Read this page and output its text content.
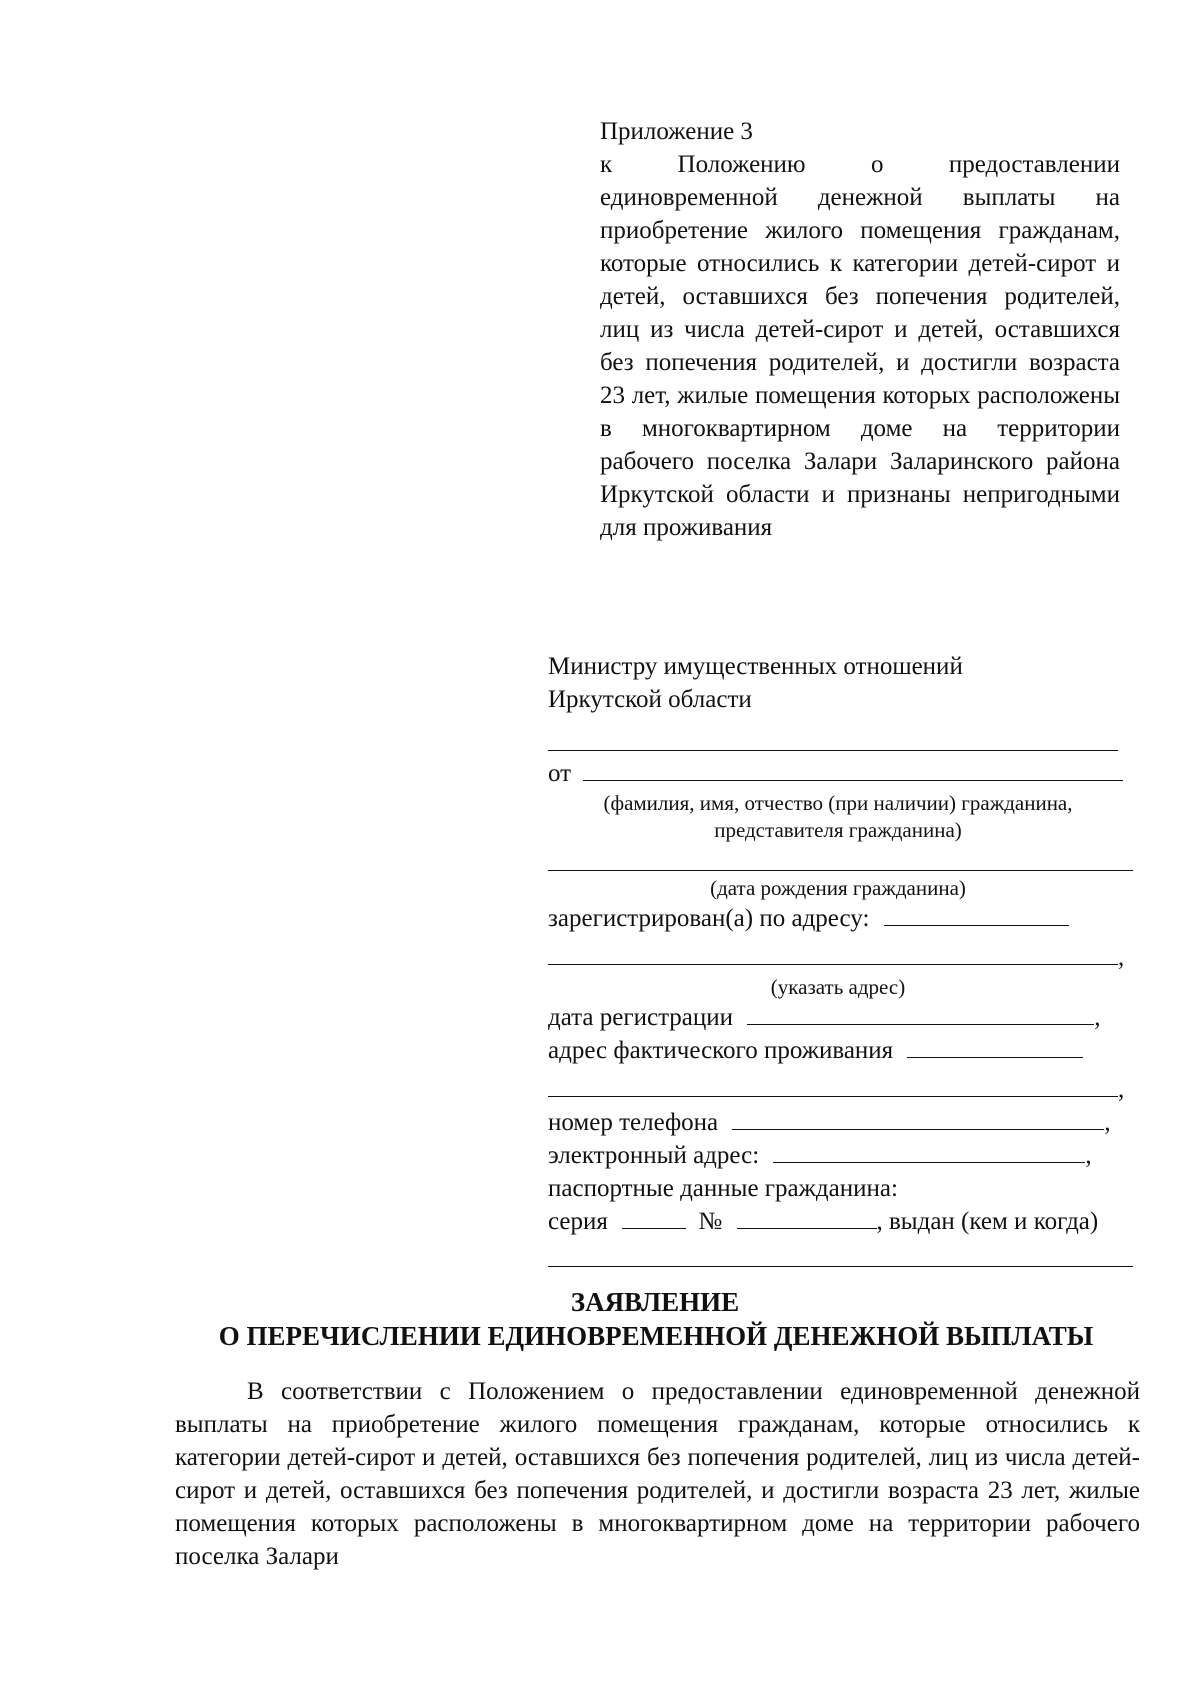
Приложение 3
к Положению о предоставлении единовременной денежной выплаты на приобретение жилого помещения гражданам, которые относились к категории детей-сирот и детей, оставшихся без попечения родителей, лиц из числа детей-сирот и детей, оставшихся без попечения родителей, и достигли возраста 23 лет, жилые помещения которых расположены в многоквартирном доме на территории рабочего поселка Залари Заларинского района Иркутской области и признаны непригодными для проживания
Министру имущественных отношений
Иркутской области
от
(фамилия, имя, отчество (при наличии) гражданина,
представителя гражданина)
(дата рождения гражданина)
зарегистрирован(а) по адресу:
,
(указать адрес)
дата регистрации	,
адрес фактического проживания
,
номер телефона	,
электронный адрес:	,
паспортные данные гражданина:
серия	№	, выдан (кем и когда)
ЗАЯВЛЕНИЕ
О ПЕРЕЧИСЛЕНИИ ЕДИНОВРЕМЕННОЙ ДЕНЕЖНОЙ ВЫПЛАТЫ
В соответствии с Положением о предоставлении единовременной денежной выплаты на приобретение жилого помещения гражданам, которые относились к категории детей-сирот и детей, оставшихся без попечения родителей, лиц из числа детей-сирот и детей, оставшихся без попечения родителей, и достигли возраста 23 лет, жилые помещения которых расположены в многоквартирном доме на территории рабочего поселка Залари
